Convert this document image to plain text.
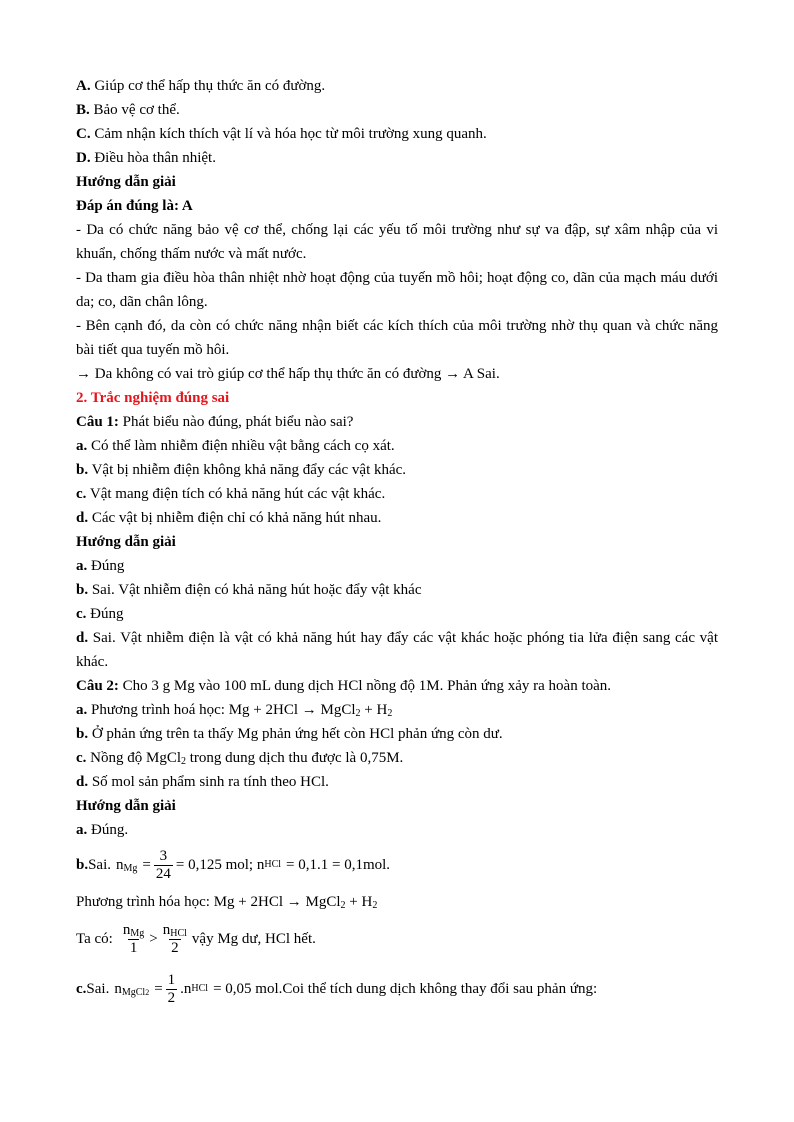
A. Giúp cơ thể hấp thụ thức ăn có đường.
B. Bảo vệ cơ thể.
C. Cảm nhận kích thích vật lí và hóa học từ môi trường xung quanh.
D. Điều hòa thân nhiệt.
Hướng dẫn giải
Đáp án đúng là: A
- Da có chức năng bảo vệ cơ thể, chống lại các yếu tố môi trường như sự va đập, sự xâm nhập của vi khuẩn, chống thấm nước và mất nước.
- Da tham gia điều hòa thân nhiệt nhờ hoạt động của tuyến mồ hôi; hoạt động co, dãn của mạch máu dưới da; co, dãn chân lông.
- Bên cạnh đó, da còn có chức năng nhận biết các kích thích của môi trường nhờ thụ quan và chức năng bài tiết qua tuyến mồ hôi.
→ Da không có vai trò giúp cơ thể hấp thụ thức ăn có đường → A Sai.
2. Trắc nghiệm đúng sai
Câu 1: Phát biểu nào đúng, phát biểu nào sai?
a. Có thể làm nhiễm điện nhiều vật bằng cách cọ xát.
b. Vật bị nhiễm điện không khả năng đẩy các vật khác.
c. Vật mang điện tích có khả năng hút các vật khác.
d. Các vật bị nhiễm điện chỉ có khả năng hút nhau.
Hướng dẫn giải
a. Đúng
b. Sai. Vật nhiễm điện có khả năng hút hoặc đẩy vật khác
c. Đúng
d. Sai. Vật nhiễm điện là vật có khả năng hút hay đẩy các vật khác hoặc phóng tia lửa điện sang các vật khác.
Câu 2: Cho 3 g Mg vào 100 mL dung dịch HCl nồng độ 1M. Phản ứng xảy ra hoàn toàn.
a. Phương trình hoá học: Mg + 2HCl → MgCl$_2$ + $H_2$
b. Ở phản ứng trên ta thấy Mg phản ứng hết còn HCl phản ứng còn dư.
c. Nồng độ MgCl$_2$ trong dung dịch thu được là 0,75M.
d. Số mol sản phẩm sinh ra tính theo HCl.
Hướng dẫn giải
a. Đúng.
b. Sai. $n_{Mg} = \frac{3}{24} = 0,125$ mol; n HCl = 0,1.1 = 0,1mol.
Phương trình hóa học: Mg + 2HCl → MgCl$_2$ + $H_2$
Ta có: $\frac{n_{Mg}}{1} > \frac{n_{HCl}}{2}$ vậy Mg dư, HCl hết.
c. Sai. $n_{MgCl2} = \frac{1}{2} .n$ HCl = 0,05 mol. Coi thể tích dung dịch không thay đổi sau phản ứng:
